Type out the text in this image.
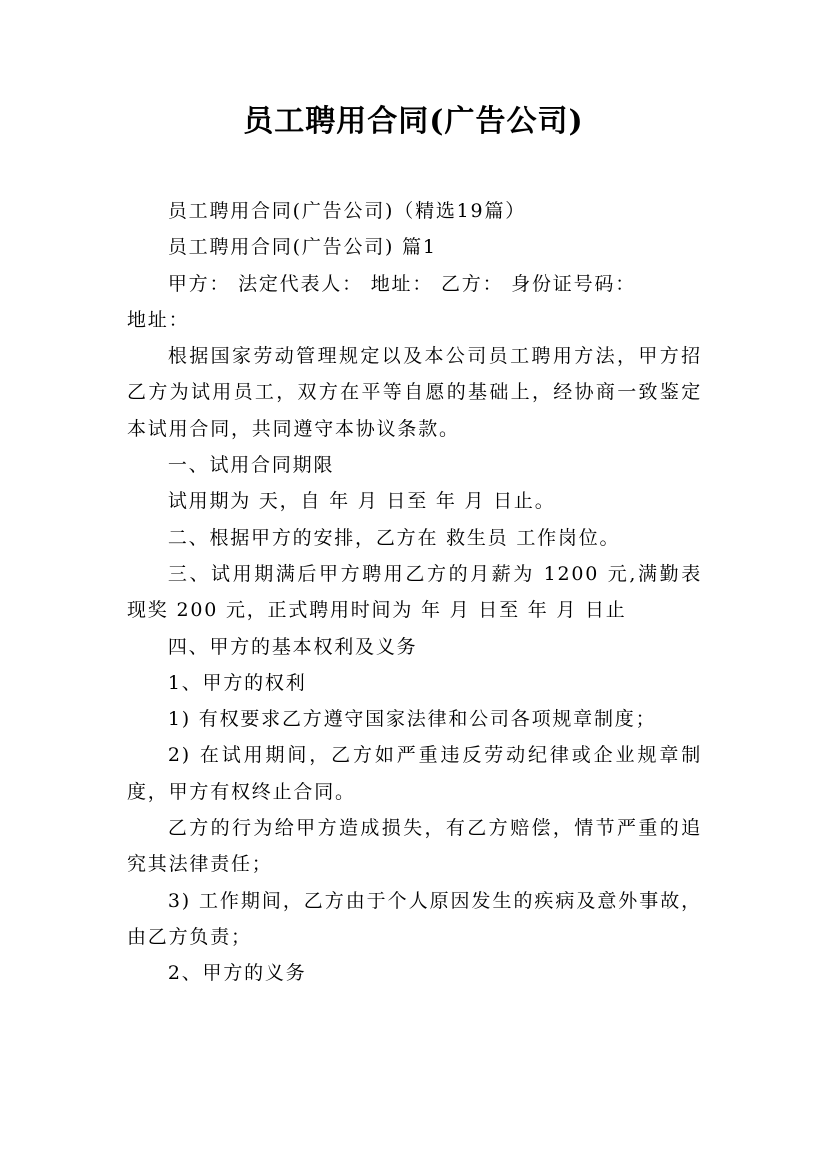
员工聘用合同(广告公司)

员工聘用合同(广告公司)（精选19篇）

员工聘用合同(广告公司) 篇1

甲方： 法定代表人： 地址： 乙方： 身份证号码：

地址：

根据国家劳动管理规定以及本公司员工聘用方法，甲方招乙方为试用员工，双方在平等自愿的基础上，经协商一致鉴定本试用合同，共同遵守本协议条款。

一、试用合同期限

试用期为 天，自 年 月 日至 年 月 日止。

二、根据甲方的安排，乙方在 救生员 工作岗位。

三、试用期满后甲方聘用乙方的月薪为 1200 元,满勤表现奖 200 元，正式聘用时间为 年 月 日至 年 月 日止

四、甲方的基本权利及义务

1、甲方的权利

1) 有权要求乙方遵守国家法律和公司各项规章制度；

2) 在试用期间，乙方如严重违反劳动纪律或企业规章制度，甲方有权终止合同。

乙方的行为给甲方造成损失，有乙方赔偿，情节严重的追究其法律责任；

3) 工作期间，乙方由于个人原因发生的疾病及意外事故，由乙方负责；

2、甲方的义务
